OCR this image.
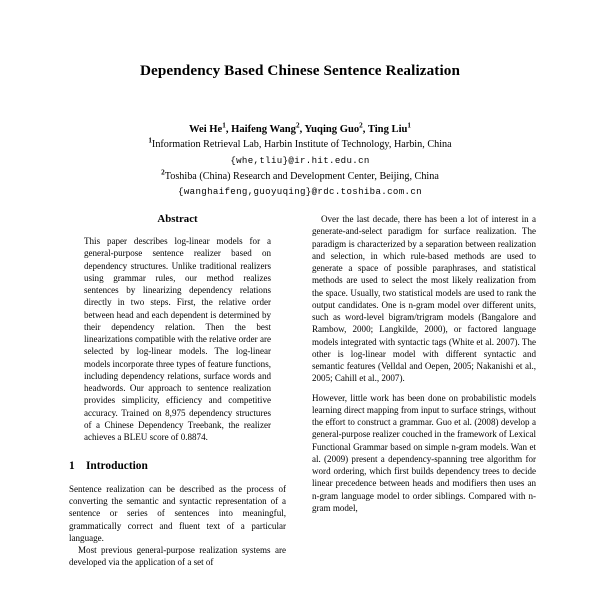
Dependency Based Chinese Sentence Realization
Wei He$^1$, Haifeng Wang$^2$, Yuqing Guo$^2$, Ting Liu$^1$
$^1$Information Retrieval Lab, Harbin Institute of Technology, Harbin, China
{whe,tliu}@ir.hit.edu.cn
$^2$Toshiba (China) Research and Development Center, Beijing, China
{wanghaifeng,guoyuqing}@rdc.toshiba.com.cn
Abstract

This paper describes log-linear models for a general-purpose sentence realizer based on dependency structures. Unlike traditional realizers using grammar rules, our method realizes sentences by linearizing dependency relations directly in two steps. First, the relative order between head and each dependent is determined by their dependency relation. Then the best linearizations compatible with the relative order are selected by log-linear models. The log-linear models incorporate three types of feature functions, including dependency relations, surface words and headwords. Our approach to sentence realization provides simplicity, efficiency and competitive accuracy. Trained on 8,975 dependency structures of a Chinese Dependency Treebank, the realizer achieves a BLEU score of 0.8874.

1 Introduction

Sentence realization can be described as the process of converting the semantic and syntactic representation of a sentence or series of sentences into meaningful, grammatically correct and fluent text of a particular language.

Most previous general-purpose realization systems are developed via the application of a set of

Over the last decade, there has been a lot of interest in a generate-and-select paradigm for surface realization. The paradigm is characterized by a separation between realization and selection, in which rule-based methods are used to generate a space of possible paraphrases, and statistical methods are used to select the most likely realization from the space. Usually, two statistical models are used to rank the output candidates. One is n-gram model over different units, such as word-level bigram/trigram models (Bangalore and Rambow, 2000; Langkilde, 2000), or factored language models integrated with syntactic tags (White et al. 2007). The other is log-linear model with different syntactic and semantic features (Velldal and Oepen, 2005; Nakanishi et al., 2005; Cahill et al., 2007).

However, little work has been done on probabilistic models learning direct mapping from input to surface strings, without the effort to construct a grammar. Guo et al. (2008) develop a general-purpose realizer couched in the framework of Lexical Functional Grammar based on simple n-gram models. Wan et al. (2009) present a dependency-spanning tree algorithm for word ordering, which first builds dependency trees to decide linear precedence between heads and modifiers then uses an n-gram language model to order siblings. Compared with n-gram model,
